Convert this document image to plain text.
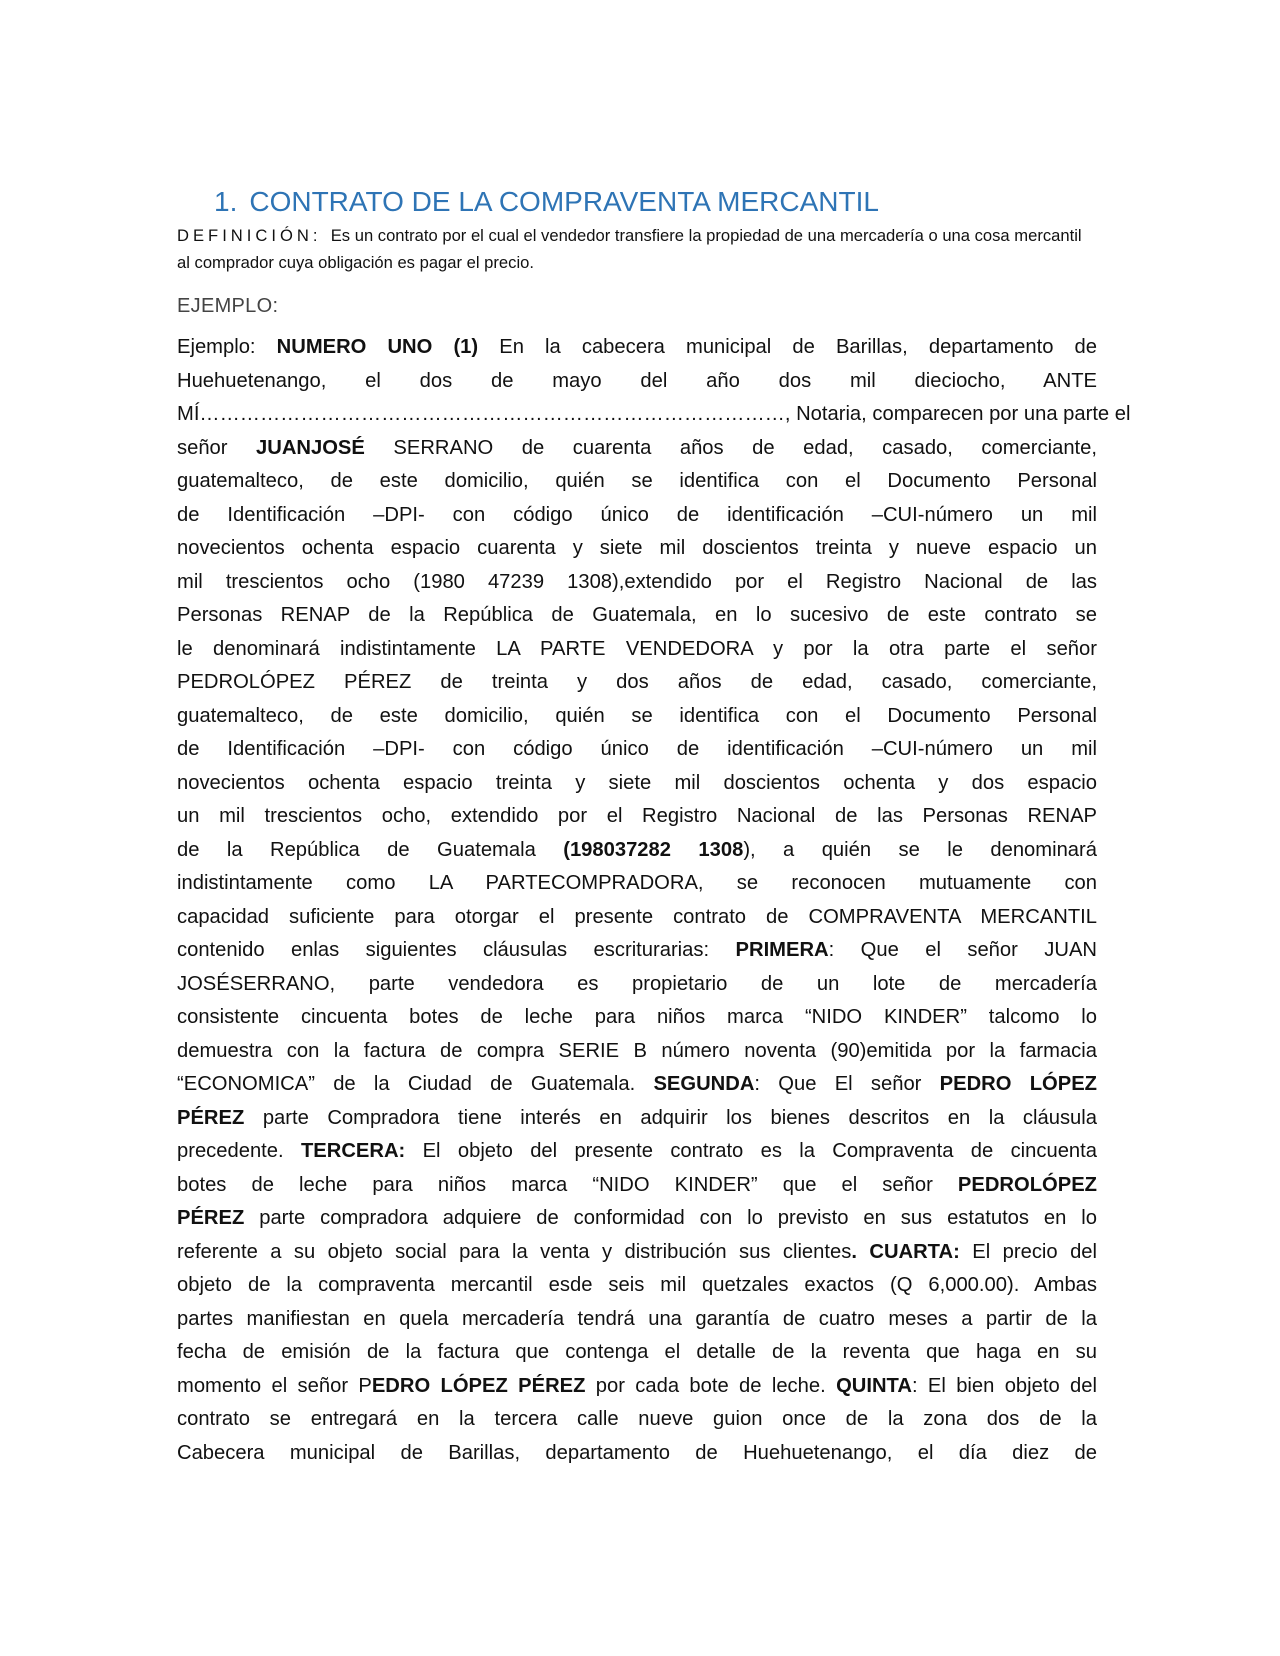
1. CONTRATO DE LA COMPRAVENTA MERCANTIL

DEFINICIÓN: Es un contrato por el cual el vendedor transfiere la propiedad de una mercadería o una cosa mercantil al comprador cuya obligación es pagar el precio.

EJEMPLO:
Ejemplo: NUMERO UNO (1) En la cabecera municipal de Barillas, departamento de
Huehuetenango, el dos de mayo del año dos mil dieciocho, ANTE
MÍ……………………………………………………………………………, Notaria, comparecen por una parte el
señor JUANJOSÉ SERRANO de cuarenta años de edad, casado, comerciante,
guatemalteco, de este domicilio, quién se identifica con el Documento Personal
de Identificación –DPI- con código único de identificación –CUI-número un mil
novecientos ochenta espacio cuarenta y siete mil doscientos treinta y nueve espacio un
mil trescientos ocho (1980 47239 1308),extendido por el Registro Nacional de las
Personas RENAP de la República de Guatemala, en lo sucesivo de este contrato se
le denominará indistintamente LA PARTE VENDEDORA y por la otra parte el señor
PEDROLÓPEZ PÉREZ de treinta y dos años de edad, casado, comerciante,
guatemalteco, de este domicilio, quién se identifica con el Documento Personal
de Identificación –DPI- con código único de identificación –CUI-número un mil
novecientos ochenta espacio treinta y siete mil doscientos ochenta y dos espacio
un mil trescientos ocho, extendido por el Registro Nacional de las Personas RENAP
de la República de Guatemala (198037282 1308), a quién se le denominará
indistintamente como LA PARTECOMPRADORA, se reconocen mutuamente con
capacidad suficiente para otorgar el presente contrato de COMPRAVENTA MERCANTIL
contenido enlas siguientes cláusulas escriturarias: PRIMERA: Que el señor JUAN
JOSÉSERRANO, parte vendedora es propietario de un lote de mercadería
consistente cincuenta botes de leche para niños marca “NIDO KINDER” talcomo lo
demuestra con la factura de compra SERIE B número noventa (90)emitida por la farmacia
“ECONOMICA” de la Ciudad de Guatemala. SEGUNDA: Que El señor PEDRO LÓPEZ
PÉREZ parte Compradora tiene interés en adquirir los bienes descritos en la cláusula
precedente. TERCERA: El objeto del presente contrato es la Compraventa de cincuenta
botes de leche para niños marca “NIDO KINDER” que el señor PEDROLÓPEZ
PÉREZ parte compradora adquiere de conformidad con lo previsto en sus estatutos en lo
referente a su objeto social para la venta y distribución sus clientes. CUARTA: El precio del
objeto de la compraventa mercantil esde seis mil quetzales exactos (Q 6,000.00). Ambas
partes manifiestan en quela mercadería tendrá una garantía de cuatro meses a partir de la
fecha de emisión de la factura que contenga el detalle de la reventa que haga en su
momento el señor PEDRO LÓPEZ PÉREZ por cada bote de leche. QUINTA: El bien objeto del
contrato se entregará en la tercera calle nueve guion once de la zona dos de la
Cabecera municipal de Barillas, departamento de Huehuetenango, el día diez de
